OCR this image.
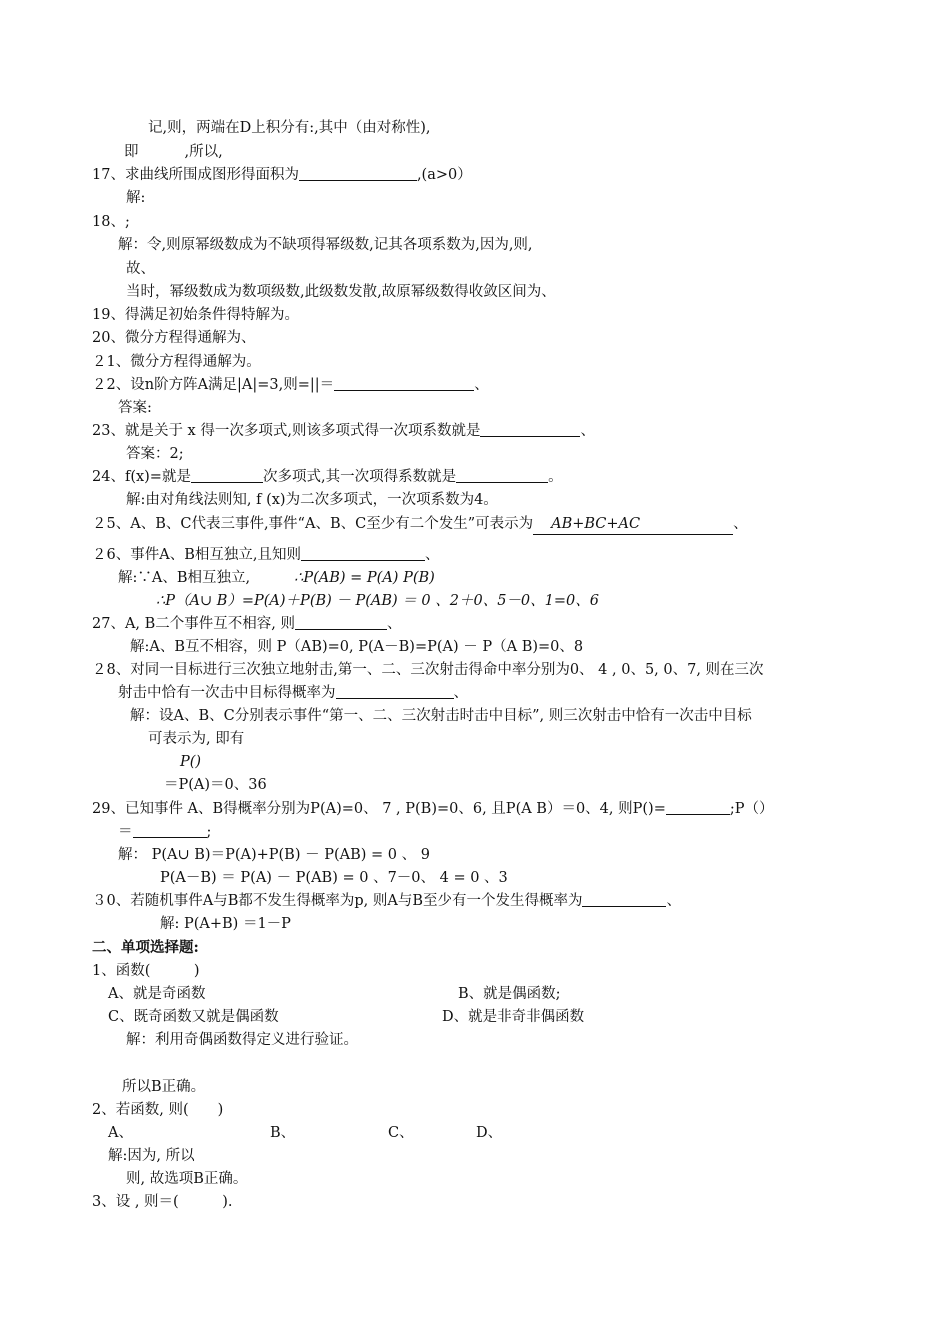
记,则，两端在D上积分有:,其中（由对称性),
即	,所以,
17、求曲线所围成图形得面积为	,(a>0）
解:
18、;
解：令,则原幂级数成为不缺项得幂级数,记其各项系数为,因为,则,
故、
当时，幂级数成为数项级数,此级数发散,故原幂级数得收敛区间为、
19、得满足初始条件得特解为。
20、微分方程得通解为、
２1、微分方程得通解为。
２2、设n阶方阵A满足|A|=3,则=||＝	、
答案:
23、就是关于 x 得一次多项式,则该多项式得一次项系数就是	、
答案：2;
24、f(x)=就是	次多项式,其一次项得系数就是	。
解:由对角线法则知, f (x)为二次多项式，一次项系数为4。
２5、A、B、C代表三事件,事件“A、B、C至少有二个发生”可表示为 AB+BC+AC	、
２6、事件A、B相互独立,且知则	、
解:∵A、B相互独立,	∴P(AB) = P(A) P(B)
∴P（A∪ B）=P(A)＋P(B) － P(AB) ＝ 0 、2＋0、5－0、1=0、6
27、A, B二个事件互不相容, 则	、
解:A、B互不相容，则 P（AB)=0, P(A－B)=P(A) － P（A B)=0、8
２8、对同一目标进行三次独立地射击,第一、二、三次射击得命中率分别为0、 4 , 0、5, 0、7, 则在三次
射击中恰有一次击中目标得概率为	、
解：设A、B、C分别表示事件“第一、二、三次射击时击中目标”, 则三次射击中恰有一次击中目标
可表示为, 即有
P()
＝P(A)＝0、36
29、已知事件 A、B得概率分别为P(A)=0、 7 , P(B)=0、6, 且P(A B）＝0、4, 则P()=	;P（）
＝	;
解： P(A∪ B)＝P(A)+P(B) － P(AB) = 0 、 9
P(A－B) ＝ P(A) － P(AB) = 0 、7－0、 4 = 0 、3
３0、若随机事件A与B都不发生得概率为p, 则A与B至少有一个发生得概率为	、
解: P(A+B) ＝1－P
二、单项选择题:
1、函数(　　　)
A、就是奇函数	B、就是偶函数;
C、既奇函数又就是偶函数	D、就是非奇非偶函数
解：利用奇偶函数得定义进行验证。
所以B正确。
2、若函数, 则(　　)
A、	B、	C、	D、
解:因为, 所以
则, 故选项B正确。
3、设 , 则＝(　　　).
